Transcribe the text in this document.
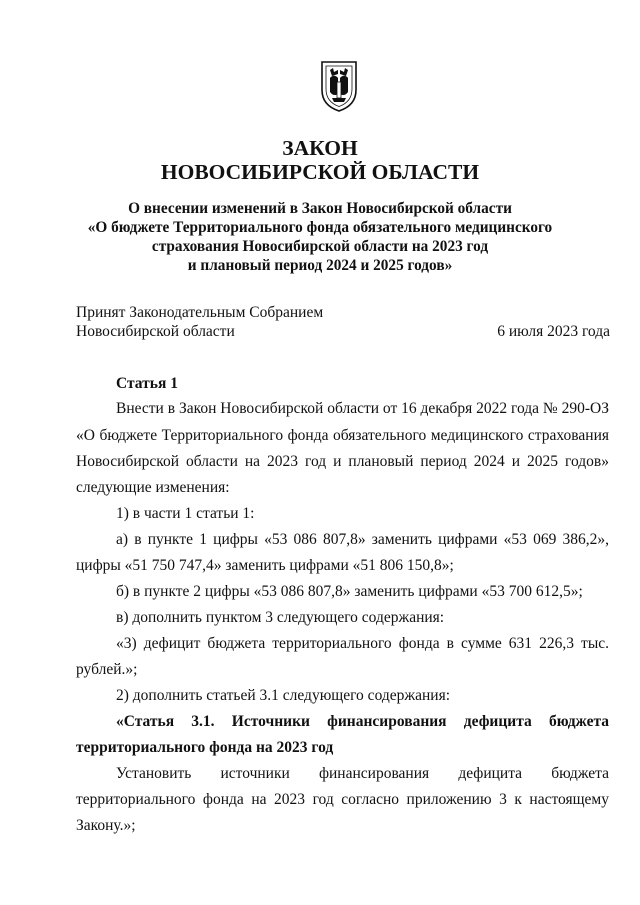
ЗАКОН
НОВОСИБИРСКОЙ ОБЛАСТИ
О внесении изменений в Закон Новосибирской области
«О бюджете Территориального фонда обязательного медицинского
страхования Новосибирской области на 2023 год
и плановый период 2024 и 2025 годов»
Принят Законодательным Собранием
Новосибирской области	6 июля 2023 года
Статья 1
Внести в Закон Новосибирской области от 16 декабря 2022 года № 290-ОЗ
«О бюджете Территориального фонда обязательного медицинского страхования
Новосибирской области на 2023 год и плановый период 2024 и 2025 годов»
следующие изменения:
1) в части 1 статьи 1:
а) в пункте 1 цифры «53 086 807,8» заменить цифрами «53 069 386,2»,
цифры «51 750 747,4» заменить цифрами «51 806 150,8»;
б) в пункте 2 цифры «53 086 807,8» заменить цифрами «53 700 612,5»;
в) дополнить пунктом 3 следующего содержания:
«3) дефицит бюджета территориального фонда в сумме 631 226,3 тыс.
рублей.»;
2) дополнить статьей 3.1 следующего содержания:
«Статья 3.1. Источники финансирования дефицита бюджета
территориального фонда на 2023 год
Установить источники финансирования дефицита бюджета
территориального фонда на 2023 год согласно приложению 3 к настоящему
Закону.»;
